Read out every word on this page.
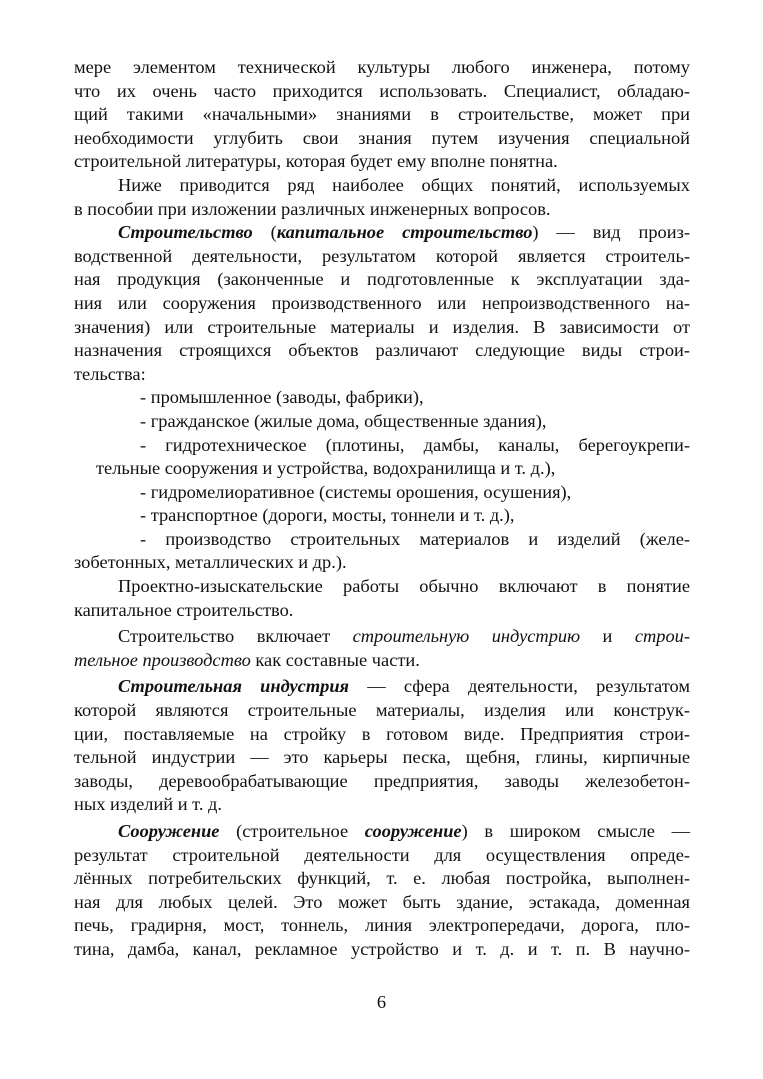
мере элементом технической культуры любого инженера, потому
что их очень часто приходится использовать. Специалист, обладаю-
щий такими «начальными» знаниями в строительстве, может при
необходимости углубить свои знания путем изучения специальной
строительной литературы, которая будет ему вполне понятна.
Ниже приводится ряд наиболее общих понятий, используемых
в пособии при изложении различных инженерных вопросов.
Строительство (капитальное строительство) — вид произ-
водственной деятельности, результатом которой является строитель-
ная продукция (законченные и подготовленные к эксплуатации зда-
ния или сооружения производственного или непроизводственного на-
значения) или строительные материалы и изделия. В зависимости от
назначения строящихся объектов различают следующие виды строи-
тельства:
- промышленное (заводы, фабрики),
- гражданское (жилые дома, общественные здания),
- гидротехническое (плотины, дамбы, каналы, берегоукрепи-
тельные сооружения и устройства, водохранилища и т. д.),
- гидромелиоративное (системы орошения, осушения),
- транспортное (дороги, мосты, тоннели и т. д.),
- производство строительных материалов и изделий (желе-
зобетонных, металлических и др.).
Проектно-изыскательские работы обычно включают в понятие
капитальное строительство.
Строительство включает строительную индустрию и строи-
тельное производство как составные части.
Строительная индустрия — сфера деятельности, результатом
которой являются строительные материалы, изделия или конструк-
ции, поставляемые на стройку в готовом виде. Предприятия строи-
тельной индустрии — это карьеры песка, щебня, глины, кирпичные
заводы, деревообрабатывающие предприятия, заводы железобетон-
ных изделий и т. д.
Сооружение (строительное сооружение) в широком смысле —
результат строительной деятельности для осуществления опреде-
лённых потребительских функций, т. е. любая постройка, выполнен-
ная для любых целей. Это может быть здание, эстакада, доменная
печь, градирня, мост, тоннель, линия электропередачи, дорога, пло-
тина, дамба, канал, рекламное устройство и т. д. и т. п. В научно-
6
